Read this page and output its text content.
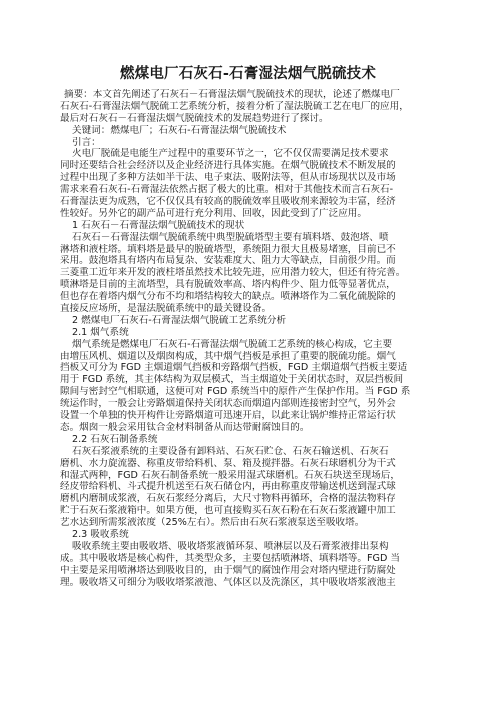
燃煤电厂石灰石-石膏湿法烟气脱硫技术
摘要：本文首先阐述了石灰石－石膏湿法烟气脱硫技术的现状，论述了燃煤电厂
石灰石-石膏湿法烟气脱硫工艺系统分析，接着分析了湿法脱硫工艺在电厂的应用，
最后对石灰石－石膏湿法烟气脱硫技术的发展趋势进行了探讨。
关键词：燃煤电厂；石灰石-石膏湿法烟气脱硫技术
引言：
火电厂脱硫是电能生产过程中的重要环节之一，它不仅仅需要满足技术要求
同时还要结合社会经济以及企业经济进行具体实施。在烟气脱硫技术不断发展的
过程中出现了多种方法如半干法、电子束法、吸附法等，但从市场现状以及市场
需求来看石灰石-石膏湿法依然占据了极大的比重。相对于其他技术而言石灰石-
石膏湿法更为成熟，它不仅仅具有较高的脱硫效率且吸收剂来源较为丰富，经济
性较好。另外它的副产品可进行充分利用、回收，因此受到了广泛应用。
1 石灰石－石膏湿法烟气脱硫技术的现状
石灰石－石膏湿法烟气脱硫系统中典型脱硫塔型主要有填料塔、鼓泡塔、喷
淋塔和液柱塔。填料塔是最早的脱硫塔型，系统阻力很大且极易堵塞，目前已不
采用。鼓泡塔具有塔内布局复杂、安装难度大、阻力大等缺点，目前很少用。而
三菱重工近年来开发的液柱塔虽然技术比较先进，应用潜力较大，但还有待完善。
喷淋塔是目前的主流塔型，具有脱硫效率高、塔内构件少、阻力低等显著优点，
但也存在着塔内烟气分布不均和塔结构较大的缺点。喷淋塔作为二氧化硫脱除的
直接反应场所，是湿法脱硫系统中的最关键设备。
2 燃煤电厂石灰石-石膏湿法烟气脱硫工艺系统分析
2.1 烟气系统
烟气系统是燃煤电厂石灰石-石膏湿法烟气脱硫工艺系统的核心构成，它主要
由增压风机、烟道以及烟囱构成，其中烟气挡板是承担了重要的脱硫功能。烟气
挡板又可分为 FGD 主烟道烟气挡板和旁路烟气挡板，FGD 主烟道烟气挡板主要适
用于 FGD 系统，其主体结构为双层模式，当主烟道处于关闭状态时，双层挡板间
隙间与密封空气相联通，这便可对 FGD 系统当中的原件产生保护作用。当 FGD 系
统运作时，一般会让旁路烟道保持关闭状态而烟道内部则连接密封空气，另外会
设置一个单独的快开构件让旁路烟道可迅速开启，以此来让锅炉维持正常运行状
态。烟囱一般会采用钛合金材料制备从而达带耐腐蚀目的。
2.2 石灰石制备系统
石灰石浆液系统的主要设备有卸料站、石灰石贮仓、石灰石输送机、石灰石
磨机、水力旋流器、称重皮带给料机、泵、箱及搅拌器。石灰石球磨机分为干式
和湿式两种，FGD 石灰石制备系统一般采用湿式球磨机。石灰石块送至现场后，
经皮带给料机、斗式提升机送至石灰石储仓内，再由称重皮带输送机送到湿式球
磨机内磨制成浆液，石灰石浆经分离后，大尺寸物料再循环，合格的湿法物料存
贮于石灰石浆液箱中。如果方便，也可直接购买石灰石粉在石灰石浆液罐中加工
艺水达到所需浆液浓度（25%左右）。然后由石灰石浆液泵送至吸收塔。
2.3 吸收系统
吸收系统主要由吸收塔、吸收塔浆液循环泵、喷淋层以及石膏浆液排出泵构
成。其中吸收塔是核心构件，其类型众多，主要包括喷淋塔、填料塔等。FGD 当
中主要是采用喷淋塔达到吸收目的，由于烟气的腐蚀作用会对塔内壁进行防腐处
理。吸收塔又可细分为吸收塔浆液池、气体区以及洗涤区，其中吸收塔浆液池主
